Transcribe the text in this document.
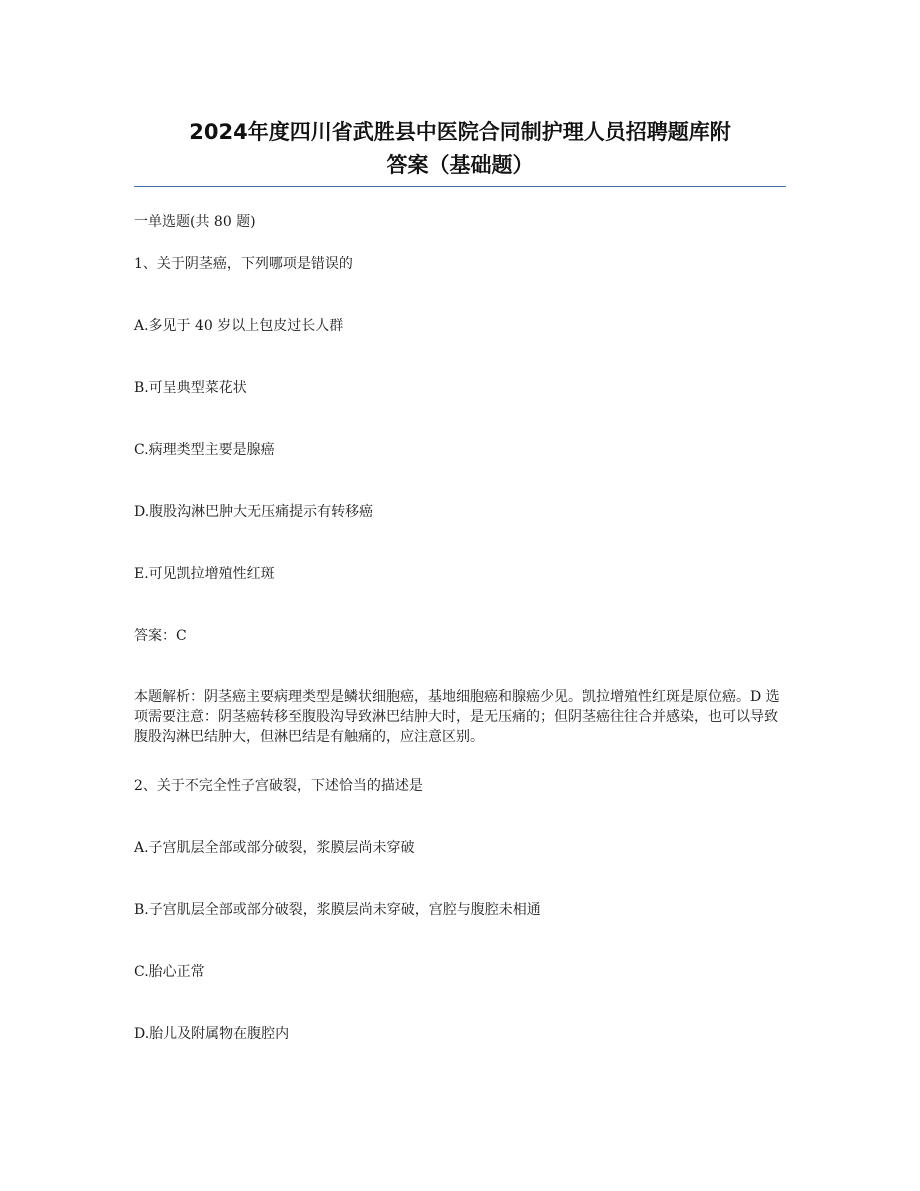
2024年度四川省武胜县中医院合同制护理人员招聘题库附
答案（基础题）
一单选题(共 80 题)
1、关于阴茎癌，下列哪项是错误的
A.多见于 40 岁以上包皮过长人群
B.可呈典型菜花状
C.病理类型主要是腺癌
D.腹股沟淋巴肿大无压痛提示有转移癌
E.可见凯拉增殖性红斑
答案：C
本题解析：阴茎癌主要病理类型是鳞状细胞癌，基地细胞癌和腺癌少见。凯拉增殖性红斑是原位癌。D 选项需要注意：阴茎癌转移至腹股沟导致淋巴结肿大时，是无压痛的；但阴茎癌往往合并感染，也可以导致腹股沟淋巴结肿大，但淋巴结是有触痛的，应注意区别。
2、关于不完全性子宫破裂，下述恰当的描述是
A.子宫肌层全部或部分破裂，浆膜层尚未穿破
B.子宫肌层全部或部分破裂，浆膜层尚未穿破，宫腔与腹腔未相通
C.胎心正常
D.胎儿及附属物在腹腔内
